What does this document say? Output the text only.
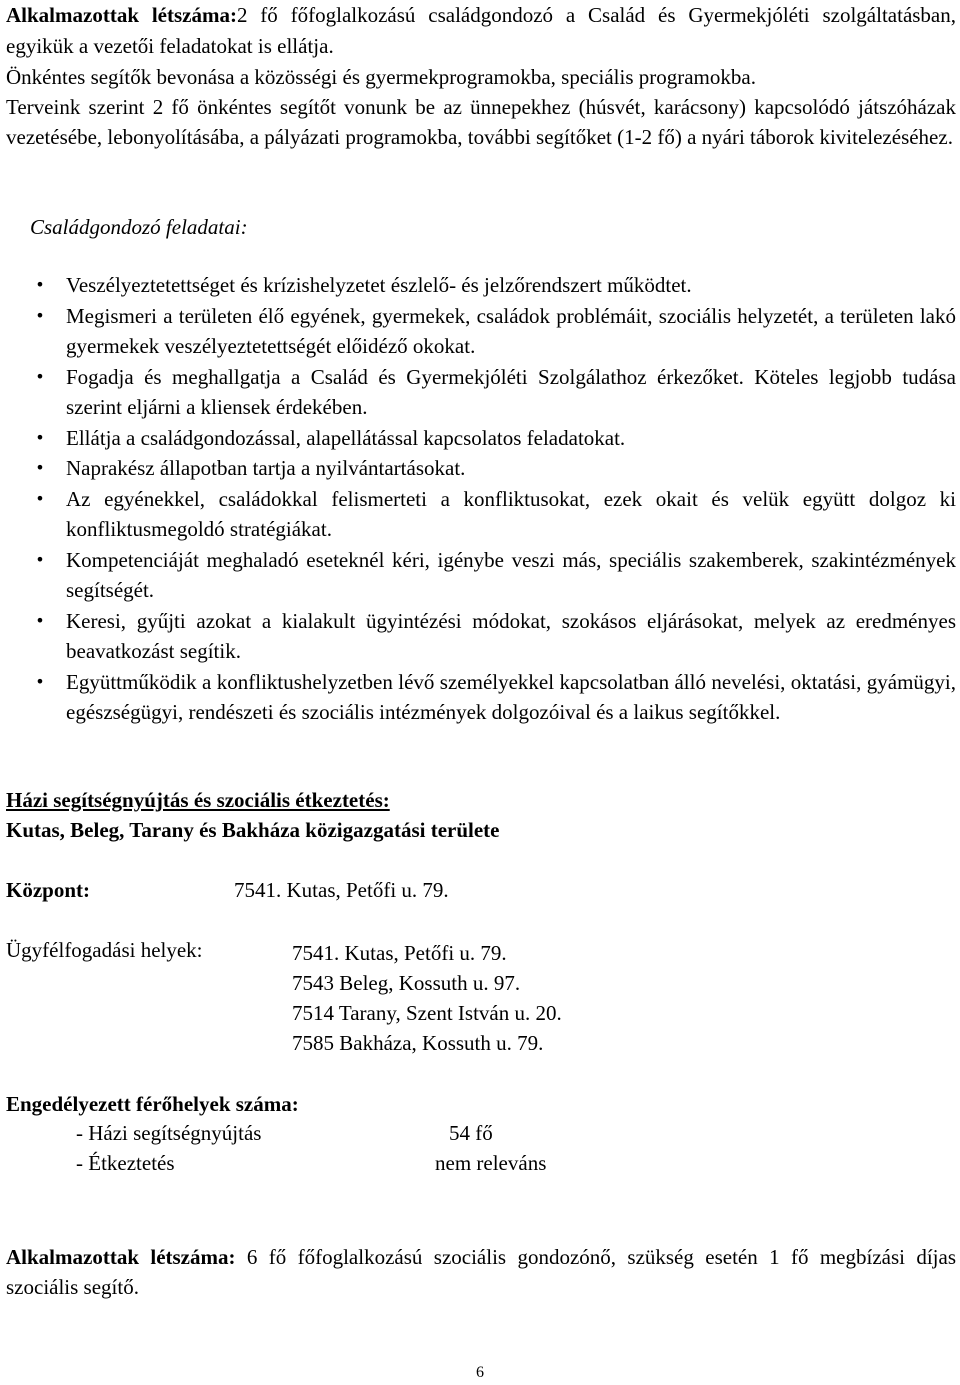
Alkalmazottak létszáma:2 fő főfoglalkozású családgondozó a Család és Gyermekjóléti szolgáltatásban, egyikük a vezetői feladatokat is ellátja.

Önkéntes segítők bevonása a közösségi és gyermekprogramokba, speciális programokba.

Terveink szerint 2 fő önkéntes segítőt vonunk be az ünnepekhez (húsvét, karácsony) kapcsolódó játszóházak vezetésébe, lebonyolításába, a pályázati programokba, további segítőket (1-2 fő) a nyári táborok kivitelezéséhez.

Családgondozó feladatai:

• Veszélyeztetettséget és krízishelyzetet észlelő- és jelzőrendszert működtet.
• Megismeri a területen élő egyének, gyermekek, családok problémáit, szociális helyzetét, a területen lakó gyermekek veszélyeztetettségét előidéző okokat.
• Fogadja és meghallgatja a Család és Gyermekjóléti Szolgálathoz érkezőket. Köteles legjobb tudása szerint eljárni a kliensek érdekében.
• Ellátja a családgondozással, alapellátással kapcsolatos feladatokat.
• Naprakész állapotban tartja a nyilvántartásokat.
• Az egyénekkel, családokkal felismerteti a konfliktusokat, ezek okait és velük együtt dolgoz ki konfliktusmegoldó stratégiákat.
• Kompetenciáját meghaladó eseteknél kéri, igénybe veszi más, speciális szakemberek, szakintézmények segítségét.
• Keresi, gyűjti azokat a kialakult ügyintézési módokat, szokásos eljárásokat, melyek az eredményes beavatkozást segítik.
• Együttműködik a konfliktushelyzetben lévő személyekkel kapcsolatban álló nevelési, oktatási, gyámügyi, egészségügyi, rendészeti és szociális intézmények dolgozóival és a laikus segítőkkel.

Házi segítségnyújtás és szociális étkeztetés:

Kutas, Beleg, Tarany és Bakháza közigazgatási területe

Központ:	7541. Kutas, Petőfi u. 79.
Ügyfélfogadási helyek:	7541. Kutas, Petőfi u. 79.
7543 Beleg, Kossuth u. 97.
7514 Tarany, Szent István u. 20.
7585 Bakháza, Kossuth u. 79.

Engedélyezett férőhelyek száma:

- Házi segítségnyújtás	54 fő
- Étkeztetés	nem releváns

Alkalmazottak létszáma: 6 fő főfoglalkozású szociális gondozónő, szükség esetén 1 fő megbízási díjas szociális segítő.

6
